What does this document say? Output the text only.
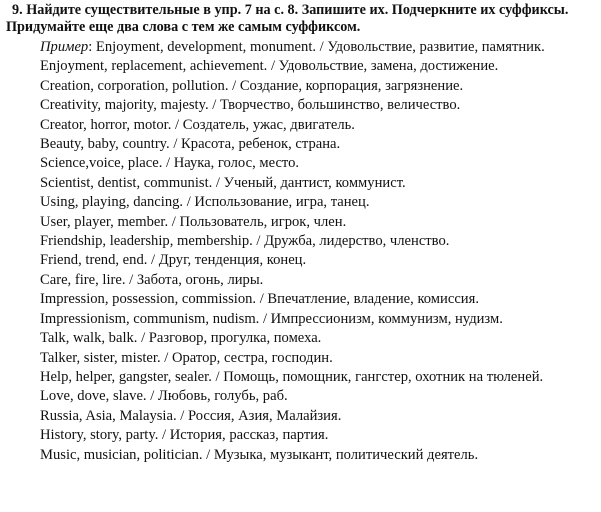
9. Найдите существительные в упр. 7 на с. 8. Запишите их. Подчеркните их суффиксы. Придумайте еще два слова с тем же самым суффиксом.

Пример: Enjoyment, development, monument. / Удовольствие, развитие, памятник.
Enjoyment, replacement, achievement. / Удовольствие, замена, достижение.
Creation, corporation, pollution. / Создание, корпорация, загрязнение.
Creativity, majority, majesty. / Творчество, большинство, величество.
Creator, horror, motor. / Создатель, ужас, двигатель.
Beauty, baby, country. / Красота, ребенок, страна.
Science,voice, place. / Наука, голос, место.
Scientist, dentist, communist. / Ученый, дантист, коммунист.
Using, playing, dancing. / Использование, игра, танец.
User, player, member. / Пользователь, игрок, член.
Friendship, leadership, membership. / Дружба, лидерство, членство.
Friend, trend, end. / Друг, тенденция, конец.
Care, fire, lire. / Забота, огонь, лиры.
Impression, possession, commission. / Впечатление, владение, комиссия.
Impressionism, communism, nudism. / Импрессионизм, коммунизм, нудизм.
Talk, walk, balk. / Разговор, прогулка, помеха.
Talker, sister, mister. / Оратор, сестра, господин.
Help, helper, gangster, sealer. / Помощь, помощник, гангстер, охотник на тюленей.
Love, dove, slave. / Любовь, голубь, раб.
Russia, Asia, Malaysia. / Россия, Азия, Малайзия.
History, story, party. / История, рассказ, партия.
Music, musician, politician. / Музыка, музыкант, политический деятель.
